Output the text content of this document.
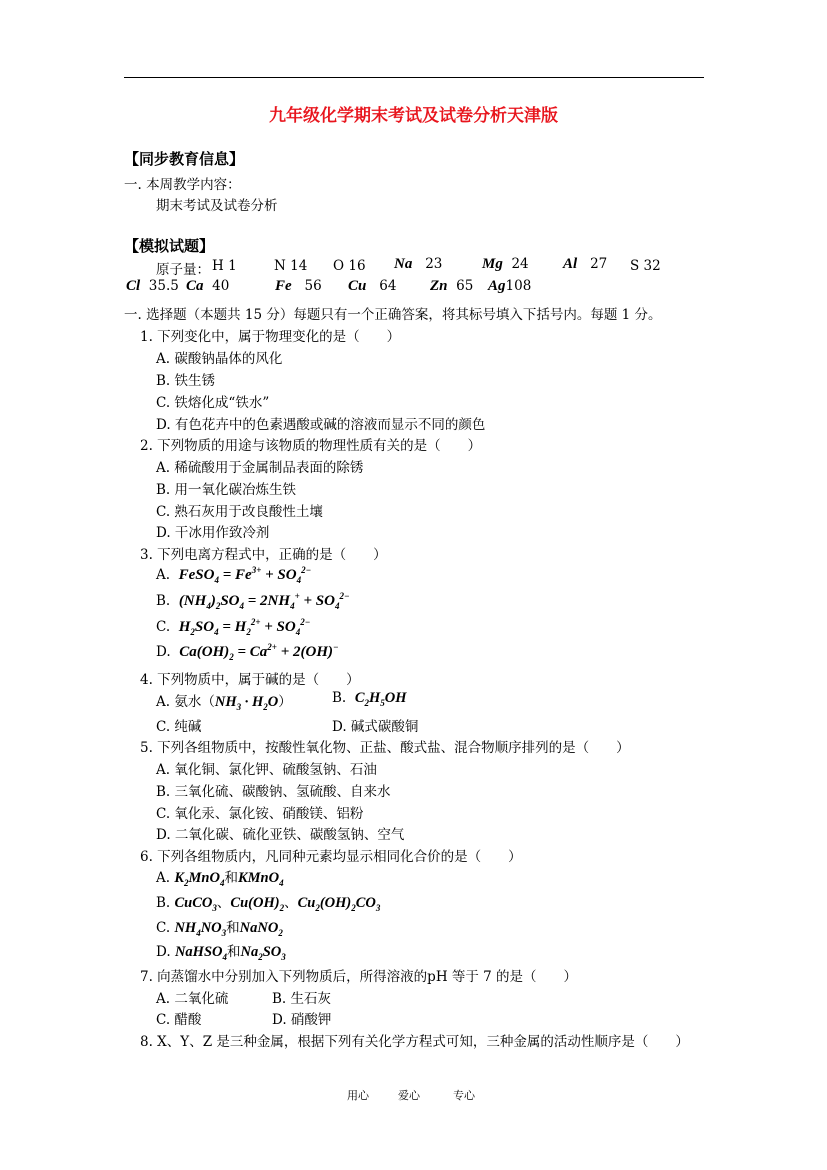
九年级化学期末考试及试卷分析天津版
【同步教育信息】
一. 本周教学内容：
期末考试及试卷分析
【模拟试题】
原子量： H 1	N 14 O 16 Na 23	Mg 24 Al 27 S 32
Cl 35.5 Ca 40	Fe 56 Cu 64 Zn 65 Ag108
一. 选择题（本题共 15 分）每题只有一个正确答案，将其标号填入下括号内。每题 1 分。
1. 下列变化中，属于物理变化的是（　　）
A. 碳酸钠晶体的风化
B. 铁生锈
C. 铁熔化成“铁水”
D. 有色花卉中的色素遇酸或碱的溶液而显示不同的颜色
2. 下列物质的用途与该物质的物理性质有关的是（　　）
A. 稀硫酸用于金属制品表面的除锈
B. 用一氧化碳冶炼生铁
C. 熟石灰用于改良酸性土壤
D. 干冰用作致冷剂
3. 下列电离方程式中，正确的是（　　）
A. FeSO$_4$ = $Fe^{3+} + SO_4^{2-}$
B. $(NH_4)_2SO_4 = 2NH_4^+ + SO_4^{2-}$
C. $H_2SO_4 = H_2^{2+} + SO_4^{2-}$
D. $Ca(OH)_2 = Ca^{2+} + 2(OH)^-$
4. 下列物质中，属于碱的是（　　）
A. 氨水$(NH_3 \cdot H_2O)$	B. $C_2H_5OH$
C. 纯碱	D. 碱式碳酸铜
5. 下列各组物质中，按酸性氧化物、正盐、酸式盐、混合物顺序排列的是（　　）
A. 氧化铜、氯化钾、硫酸氢钠、石油
B. 三氧化硫、碳酸钠、氢硫酸、自来水
C. 氧化汞、氯化铵、硝酸镁、铝粉
D. 二氧化碳、硫化亚铁、碳酸氢钠、空气
6. 下列各组物质内，凡同种元素均显示相同化合价的是（　　）
A. $K_2MnO_4$和KMnO$_4$
B. CuCO$_3$、$Cu(OH)_2$、$Cu_2(OH)_2CO_3$
C. $NH_4NO_3$和NaNO$_2$
D. NaHSO$_4$和$Na_2SO_3$
7. 向蒸馏水中分别加入下列物质后，所得溶液的pH 等于 7 的是（　　）
A. 二氧化硫	B. 生石灰
C. 醋酸	D. 硝酸钾
8. X、Y、Z 是三种金属，根据下列有关化学方程式可知，三种金属的活动性顺序是（　　）
用心	爱心	专心
